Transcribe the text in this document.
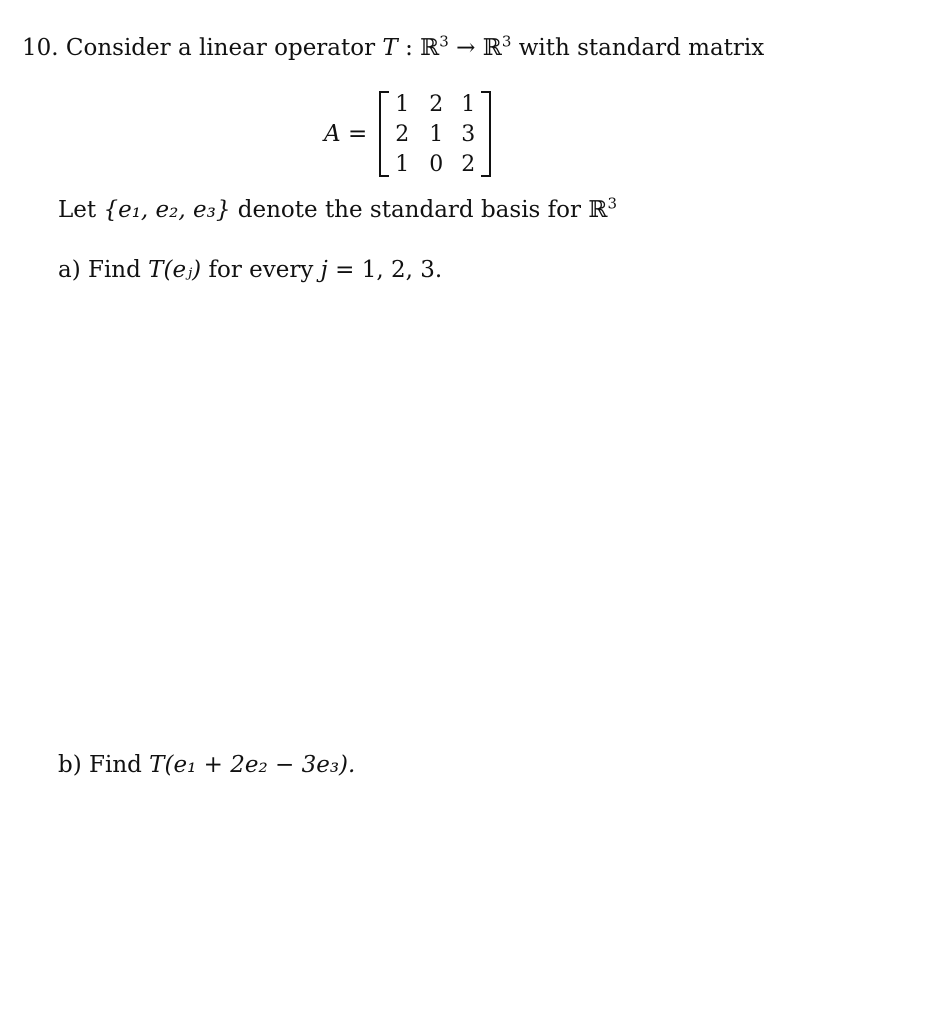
10. Consider a linear operator T : ℝ$^3$ → ℝ$^3$ with standard matrix
A =
1 2 1
2 1 3
1 0 2
Let {e₁, e₂, e₃} denote the standard basis for ℝ$^3$
a) Find T(eⱼ) for every j = 1, 2, 3.
b) Find T(e₁ + 2e₂ − 3e₃).
